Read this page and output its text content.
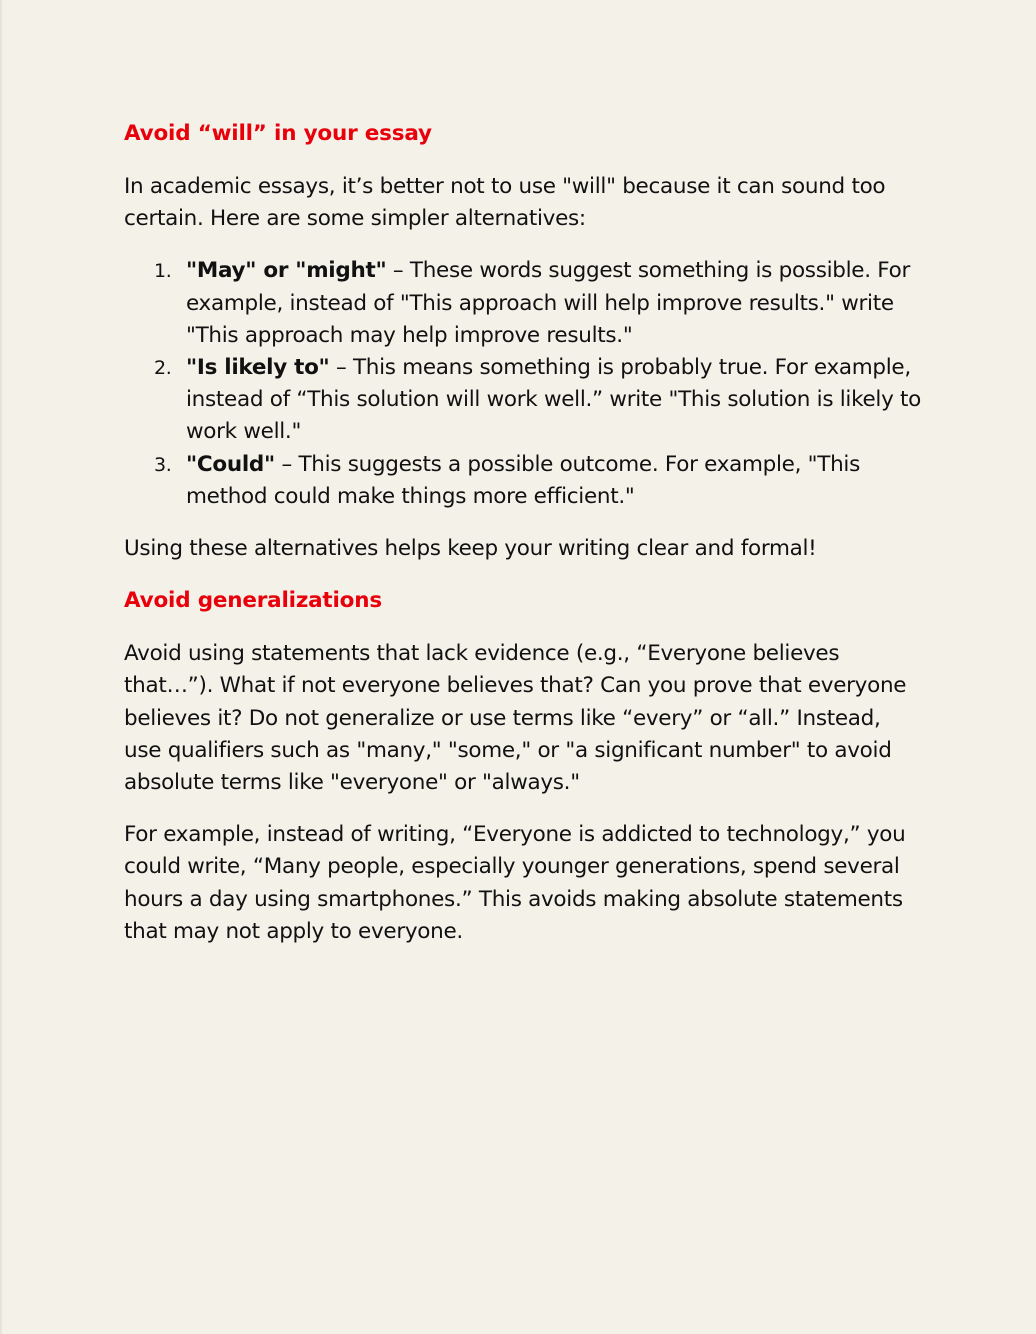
Avoid “will” in your essay

In academic essays, it’s better not to use "will" because it can sound too certain. Here are some simpler alternatives:

1. "May" or "might" – These words suggest something is possible. For example, instead of "This approach will help improve results." write "This approach may help improve results."
2. "Is likely to" – This means something is probably true. For example, instead of “This solution will work well.” write "This solution is likely to work well."
3. "Could" – This suggests a possible outcome. For example, "This method could make things more efficient."

Using these alternatives helps keep your writing clear and formal!

Avoid generalizations

Avoid using statements that lack evidence (e.g., “Everyone believes that…”). What if not everyone believes that? Can you prove that everyone believes it? Do not generalize or use terms like “every” or “all.” Instead, use qualifiers such as "many," "some," or "a significant number" to avoid absolute terms like "everyone" or "always."

For example, instead of writing, “Everyone is addicted to technology,” you could write, “Many people, especially younger generations, spend several hours a day using smartphones.” This avoids making absolute statements that may not apply to everyone.
